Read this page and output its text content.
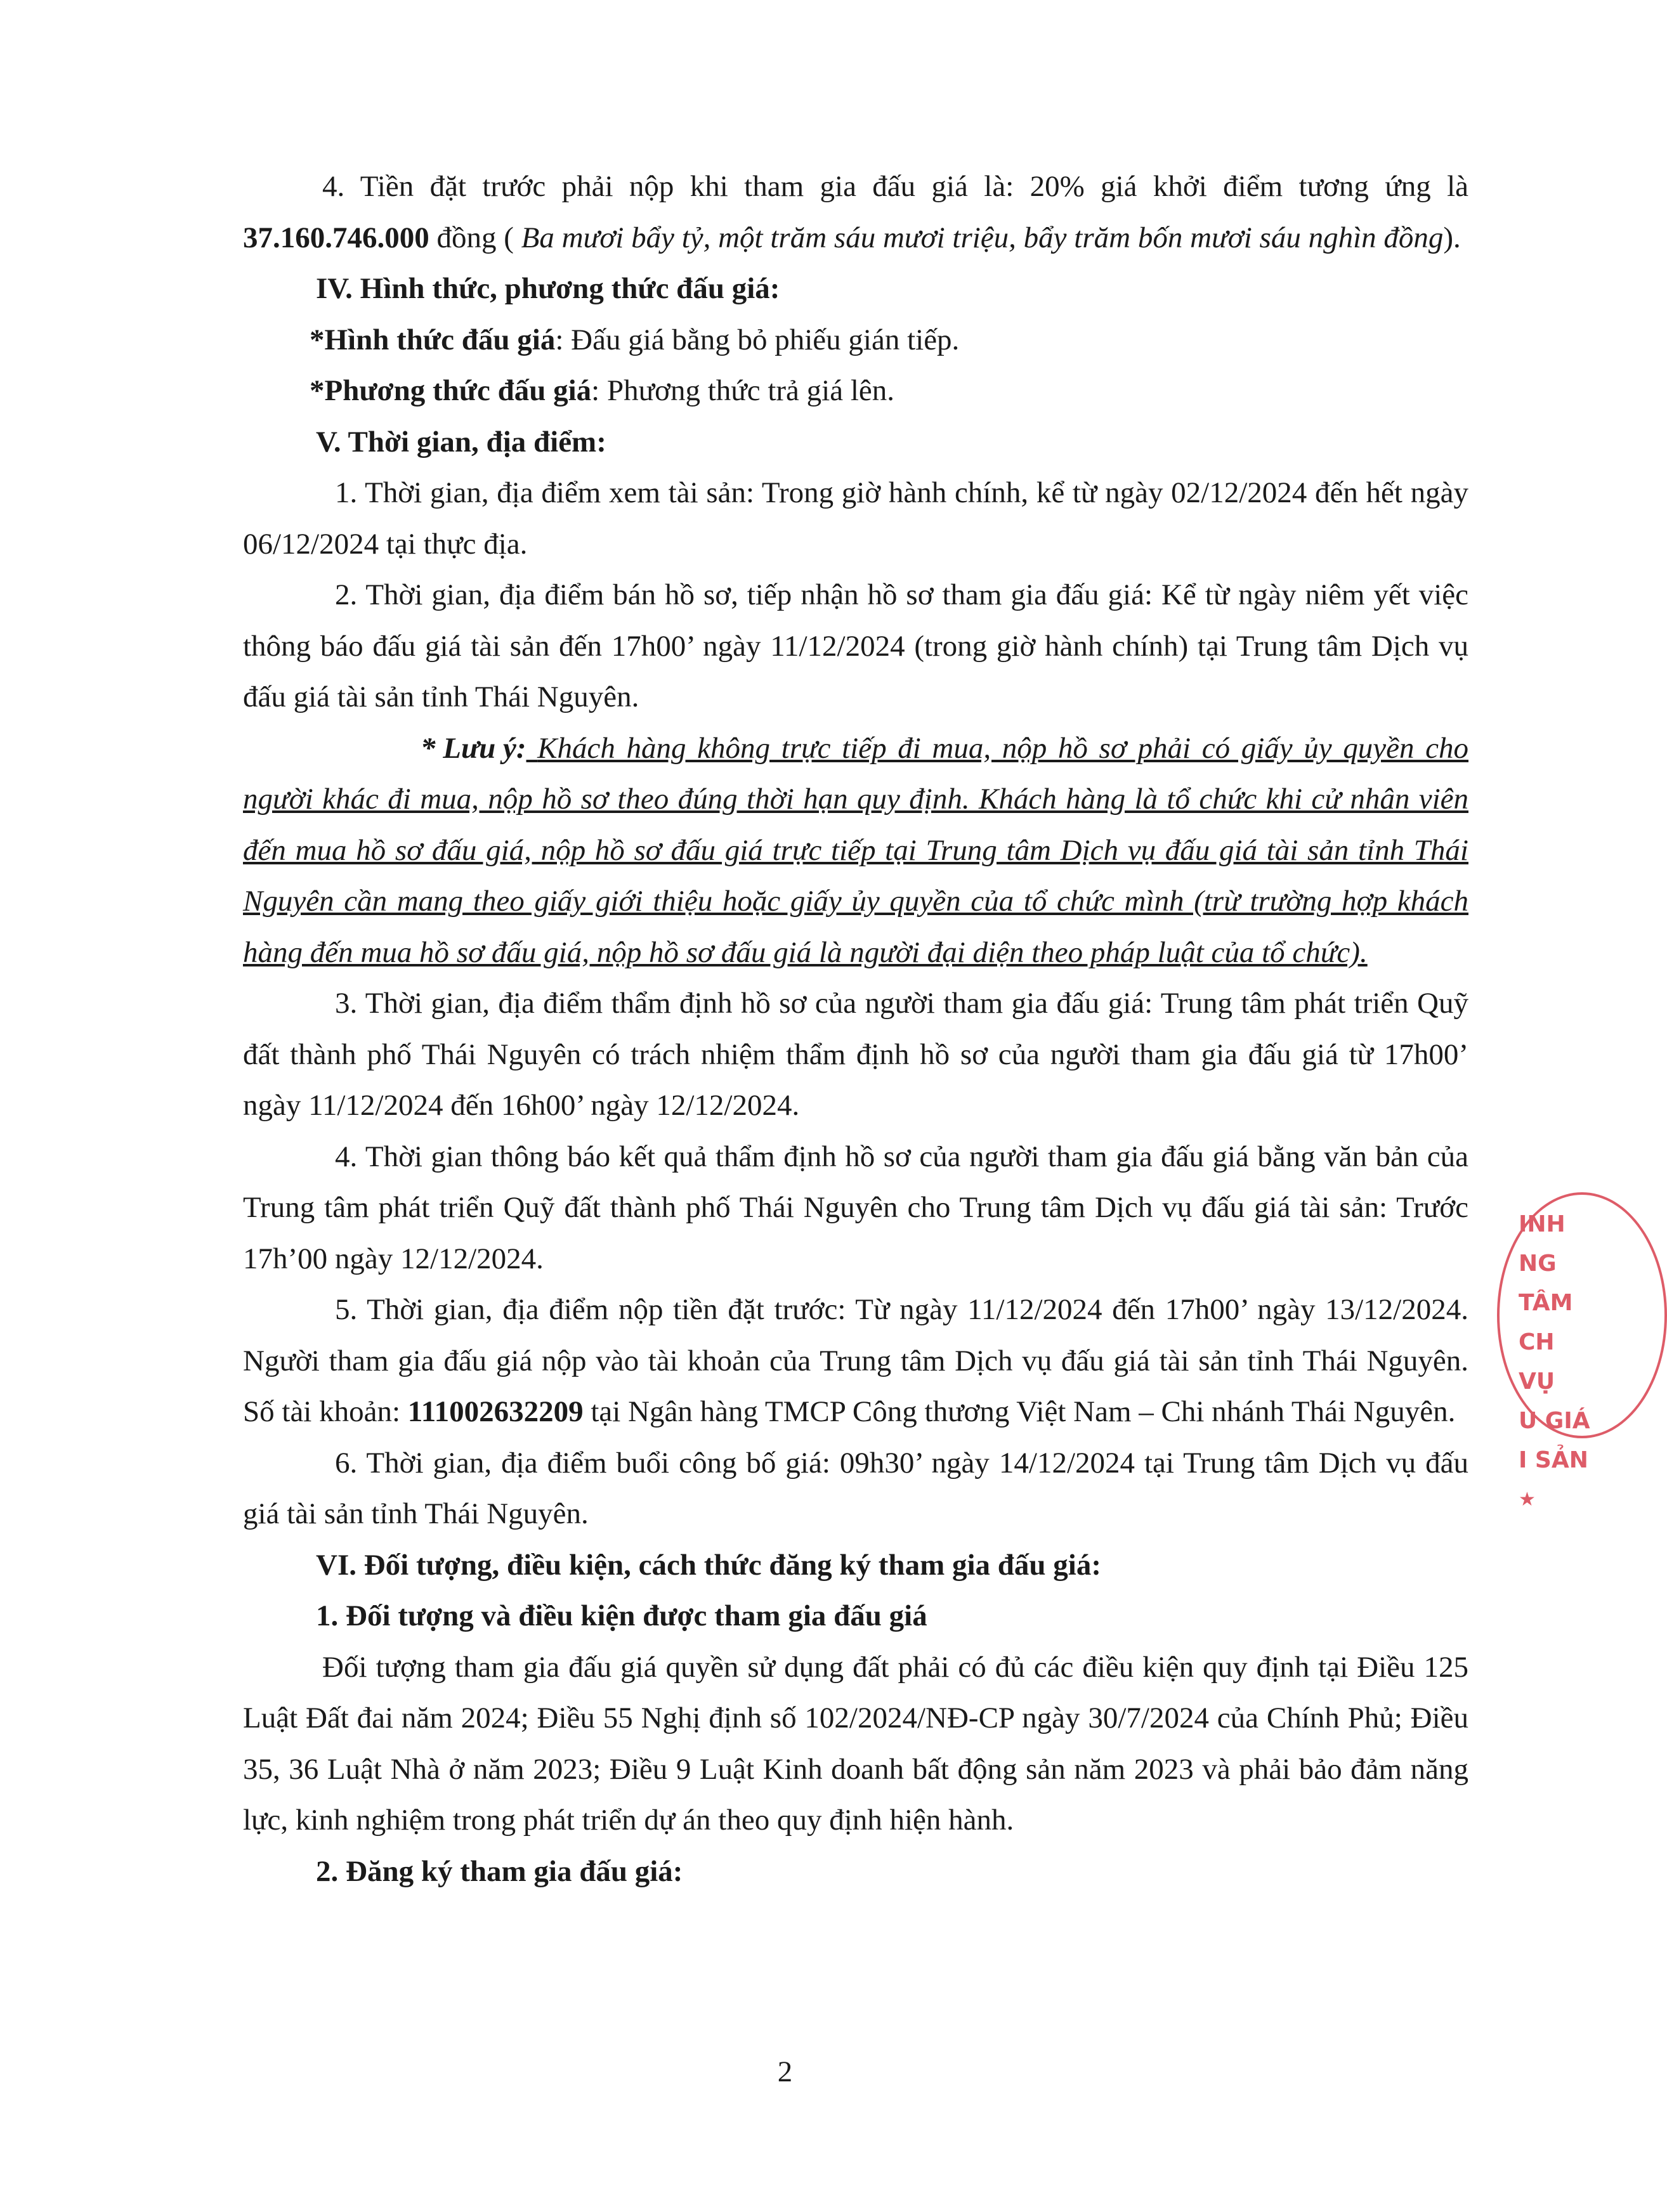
4. Tiền đặt trước phải nộp khi tham gia đấu giá là: 20% giá khởi điểm tương ứng là 37.160.746.000 đồng ( Ba mươi bẩy tỷ, một trăm sáu mươi triệu, bẩy trăm bốn mươi sáu nghìn đồng).

IV. Hình thức, phương thức đấu giá:

*Hình thức đấu giá: Đấu giá bằng bỏ phiếu gián tiếp.

*Phương thức đấu giá: Phương thức trả giá lên.

V. Thời gian, địa điểm:

1. Thời gian, địa điểm xem tài sản: Trong giờ hành chính, kể từ ngày 02/12/2024 đến hết ngày 06/12/2024 tại thực địa.

2. Thời gian, địa điểm bán hồ sơ, tiếp nhận hồ sơ tham gia đấu giá: Kể từ ngày niêm yết việc thông báo đấu giá tài sản đến 17h00’ ngày 11/12/2024 (trong giờ hành chính) tại Trung tâm Dịch vụ đấu giá tài sản tỉnh Thái Nguyên.

* Lưu ý: Khách hàng không trực tiếp đi mua, nộp hồ sơ phải có giấy ủy quyền cho người khác đi mua, nộp hồ sơ theo đúng thời hạn quy định. Khách hàng là tổ chức khi cử nhân viên đến mua hồ sơ đấu giá, nộp hồ sơ đấu giá trực tiếp tại Trung tâm Dịch vụ đấu giá tài sản tỉnh Thái Nguyên cần mang theo giấy giới thiệu hoặc giấy ủy quyền của tổ chức mình (trừ trường hợp khách hàng đến mua hồ sơ đấu giá, nộp hồ sơ đấu giá là người đại diện theo pháp luật của tổ chức).

3. Thời gian, địa điểm thẩm định hồ sơ của người tham gia đấu giá: Trung tâm phát triển Quỹ đất thành phố Thái Nguyên có trách nhiệm thẩm định hồ sơ của người tham gia đấu giá từ 17h00’ ngày 11/12/2024 đến 16h00’ ngày 12/12/2024.

4. Thời gian thông báo kết quả thẩm định hồ sơ của người tham gia đấu giá bằng văn bản của Trung tâm phát triển Quỹ đất thành phố Thái Nguyên cho Trung tâm Dịch vụ đấu giá tài sản: Trước 17h’00 ngày 12/12/2024.

5. Thời gian, địa điểm nộp tiền đặt trước: Từ ngày 11/12/2024 đến 17h00’ ngày 13/12/2024. Người tham gia đấu giá nộp vào tài khoản của Trung tâm Dịch vụ đấu giá tài sản tỉnh Thái Nguyên. Số tài khoản: 111002632209 tại Ngân hàng TMCP Công thương Việt Nam – Chi nhánh Thái Nguyên.

6. Thời gian, địa điểm buổi công bố giá: 09h30’ ngày 14/12/2024 tại Trung tâm Dịch vụ đấu giá tài sản tỉnh Thái Nguyên.

VI. Đối tượng, điều kiện, cách thức đăng ký tham gia đấu giá:

1. Đối tượng và điều kiện được tham gia đấu giá

Đối tượng tham gia đấu giá quyền sử dụng đất phải có đủ các điều kiện quy định tại Điều 125 Luật Đất đai năm 2024; Điều 55 Nghị định số 102/2024/NĐ-CP ngày 30/7/2024 của Chính Phủ; Điều 35, 36 Luật Nhà ở năm 2023; Điều 9 Luật Kinh doanh bất động sản năm 2023 và phải bảo đảm năng lực, kinh nghiệm trong phát triển dự án theo quy định hiện hành.

2. Đăng ký tham gia đấu giá:

2
INH
NG TÂM
CH VỤ
U GIÁ
I SẢN
★
